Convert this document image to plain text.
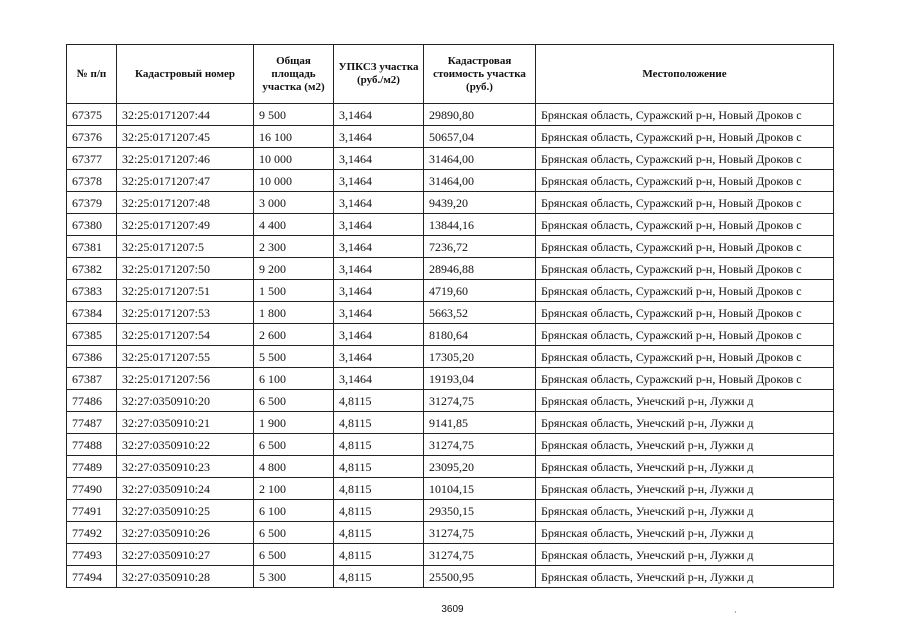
№ п/п	Кадастровый номер	Общая площадь участка (м2)	УПКСЗ участка (руб./м2)	Кадастровая стоимость участка (руб.)	Местоположение
67375	32:25:0171207:44	9 500	3,1464	29890,80	Брянская область, Суражский р-н, Новый Дроков с
67376	32:25:0171207:45	16 100	3,1464	50657,04	Брянская область, Суражский р-н, Новый Дроков с
67377	32:25:0171207:46	10 000	3,1464	31464,00	Брянская область, Суражский р-н, Новый Дроков с
67378	32:25:0171207:47	10 000	3,1464	31464,00	Брянская область, Суражский р-н, Новый Дроков с
67379	32:25:0171207:48	3 000	3,1464	9439,20	Брянская область, Суражский р-н, Новый Дроков с
67380	32:25:0171207:49	4 400	3,1464	13844,16	Брянская область, Суражский р-н, Новый Дроков с
67381	32:25:0171207:5	2 300	3,1464	7236,72	Брянская область, Суражский р-н, Новый Дроков с
67382	32:25:0171207:50	9 200	3,1464	28946,88	Брянская область, Суражский р-н, Новый Дроков с
67383	32:25:0171207:51	1 500	3,1464	4719,60	Брянская область, Суражский р-н, Новый Дроков с
67384	32:25:0171207:53	1 800	3,1464	5663,52	Брянская область, Суражский р-н, Новый Дроков с
67385	32:25:0171207:54	2 600	3,1464	8180,64	Брянская область, Суражский р-н, Новый Дроков с
67386	32:25:0171207:55	5 500	3,1464	17305,20	Брянская область, Суражский р-н, Новый Дроков с
67387	32:25:0171207:56	6 100	3,1464	19193,04	Брянская область, Суражский р-н, Новый Дроков с
77486	32:27:0350910:20	6 500	4,8115	31274,75	Брянская область, Унечский р-н, Лужки д
77487	32:27:0350910:21	1 900	4,8115	9141,85	Брянская область, Унечский р-н, Лужки д
77488	32:27:0350910:22	6 500	4,8115	31274,75	Брянская область, Унечский р-н, Лужки д
77489	32:27:0350910:23	4 800	4,8115	23095,20	Брянская область, Унечский р-н, Лужки д
77490	32:27:0350910:24	2 100	4,8115	10104,15	Брянская область, Унечский р-н, Лужки д
77491	32:27:0350910:25	6 100	4,8115	29350,15	Брянская область, Унечский р-н, Лужки д
77492	32:27:0350910:26	6 500	4,8115	31274,75	Брянская область, Унечский р-н, Лужки д
77493	32:27:0350910:27	6 500	4,8115	31274,75	Брянская область, Унечский р-н, Лужки д
77494	32:27:0350910:28	5 300	4,8115	25500,95	Брянская область, Унечский р-н, Лужки д
3609	·
